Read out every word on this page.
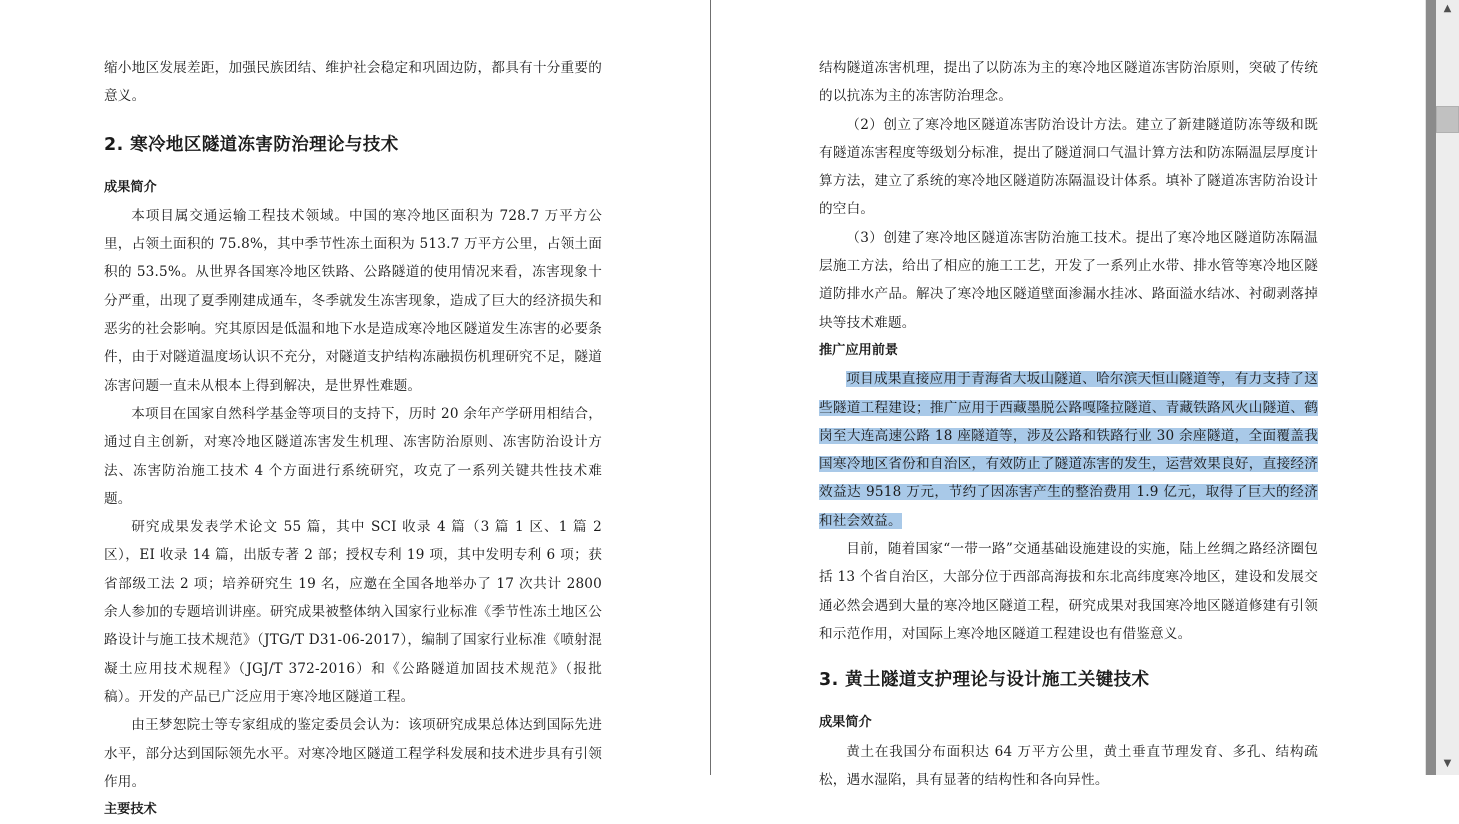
缩小地区发展差距，加强民族团结、维护社会稳定和巩固边防，都具有十分重要的意义。

2. 寒冷地区隧道冻害防治理论与技术
成果简介

本项目属交通运输工程技术领域。中国的寒冷地区面积为 728.7 万平方公里，占领土面积的 75.8%，其中季节性冻土面积为 513.7 万平方公里，占领土面积的 53.5%。从世界各国寒冷地区铁路、公路隧道的使用情况来看，冻害现象十分严重，出现了夏季刚建成通车，冬季就发生冻害现象，造成了巨大的经济损失和恶劣的社会影响。究其原因是低温和地下水是造成寒冷地区隧道发生冻害的必要条件，由于对隧道温度场认识不充分，对隧道支护结构冻融损伤机理研究不足，隧道冻害问题一直未从根本上得到解决，是世界性难题。

本项目在国家自然科学基金等项目的支持下，历时 20 余年产学研用相结合，通过自主创新，对寒冷地区隧道冻害发生机理、冻害防治原则、冻害防治设计方法、冻害防治施工技术 4 个方面进行系统研究，攻克了一系列关键共性技术难题。

研究成果发表学术论文 55 篇，其中 SCI 收录 4 篇（3 篇 1 区、1 篇 2 区），EI 收录 14 篇，出版专著 2 部；授权专利 19 项，其中发明专利 6 项；获省部级工法 2 项；培养研究生 19 名，应邀在全国各地举办了 17 次共计 2800 余人参加的专题培训讲座。研究成果被整体纳入国家行业标准《季节性冻土地区公路设计与施工技术规范》（JTG/T D31-06-2017），编制了国家行业标准《喷射混凝土应用技术规程》（JGJ/T 372-2016）和《公路隧道加固技术规范》（报批稿）。开发的产品已广泛应用于寒冷地区隧道工程。

由王梦恕院士等专家组成的鉴定委员会认为：该项研究成果总体达到国际先进水平，部分达到国际领先水平。对寒冷地区隧道工程学科发展和技术进步具有引领作用。

主要技术

结构隧道冻害机理，提出了以防冻为主的寒冷地区隧道冻害防治原则，突破了传统的以抗冻为主的冻害防治理念。

（2）创立了寒冷地区隧道冻害防治设计方法。建立了新建隧道防冻等级和既有隧道冻害程度等级划分标准，提出了隧道洞口气温计算方法和防冻隔温层厚度计算方法，建立了系统的寒冷地区隧道防冻隔温设计体系。填补了隧道冻害防治设计的空白。

（3）创建了寒冷地区隧道冻害防治施工技术。提出了寒冷地区隧道防冻隔温层施工方法，给出了相应的施工工艺，开发了一系列止水带、排水管等寒冷地区隧道防排水产品。解决了寒冷地区隧道壁面渗漏水挂冰、路面溢水结冰、衬砌剥落掉块等技术难题。

推广应用前景

项目成果直接应用于青海省大坂山隧道、哈尔滨天恒山隧道等，有力支持了这些隧道工程建设；推广应用于西藏墨脱公路嘎隆拉隧道、青藏铁路风火山隧道、鹤岗至大连高速公路 18 座隧道等，涉及公路和铁路行业 30 余座隧道，全面覆盖我国寒冷地区省份和自治区，有效防止了隧道冻害的发生，运营效果良好，直接经济效益达 9518 万元，节约了因冻害产生的整治费用 1.9 亿元，取得了巨大的经济和社会效益。

目前，随着国家“一带一路”交通基础设施建设的实施，陆上丝绸之路经济圈包括 13 个省自治区，大部分位于西部高海拔和东北高纬度寒冷地区，建设和发展交通必然会遇到大量的寒冷地区隧道工程，研究成果对我国寒冷地区隧道修建有引领和示范作用，对国际上寒冷地区隧道工程建设也有借鉴意义。

3. 黄土隧道支护理论与设计施工关键技术
成果简介

黄土在我国分布面积达 64 万平方公里，黄土垂直节理发育、多孔、结构疏松，遇水湿陷，具有显著的结构性和各向异性。

▲
▼
